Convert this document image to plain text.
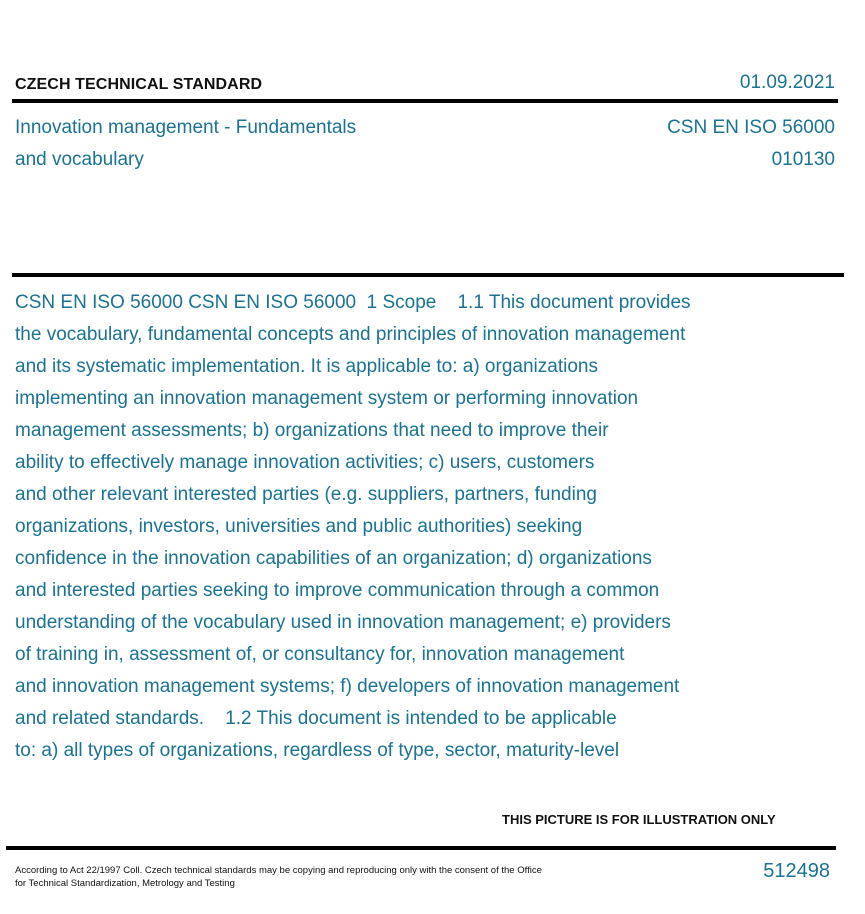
CZECH TECHNICAL STANDARD	01.09.2021
Innovation management - Fundamentals
and vocabulary
CSN EN ISO 56000
010130
CSN EN ISO 56000 CSN EN ISO 56000  1 Scope    1.1 This document provides
the vocabulary, fundamental concepts and principles of innovation management
and its systematic implementation. It is applicable to: a) organizations
implementing an innovation management system or performing innovation
management assessments; b) organizations that need to improve their
ability to effectively manage innovation activities; c) users, customers
and other relevant interested parties (e.g. suppliers, partners, funding
organizations, investors, universities and public authorities) seeking
confidence in the innovation capabilities of an organization; d) organizations
and interested parties seeking to improve communication through a common
understanding of the vocabulary used in innovation management; e) providers
of training in, assessment of, or consultancy for, innovation management
and innovation management systems; f) developers of innovation management
and related standards.    1.2 This document is intended to be applicable
to: a) all types of organizations, regardless of type, sector, maturity-level
THIS PICTURE IS FOR ILLUSTRATION ONLY
According to Act 22/1997 Coll. Czech technical standards may be copying and reproducing only with the consent of the Office
for Technical Standardization, Metrology and Testing
512498
